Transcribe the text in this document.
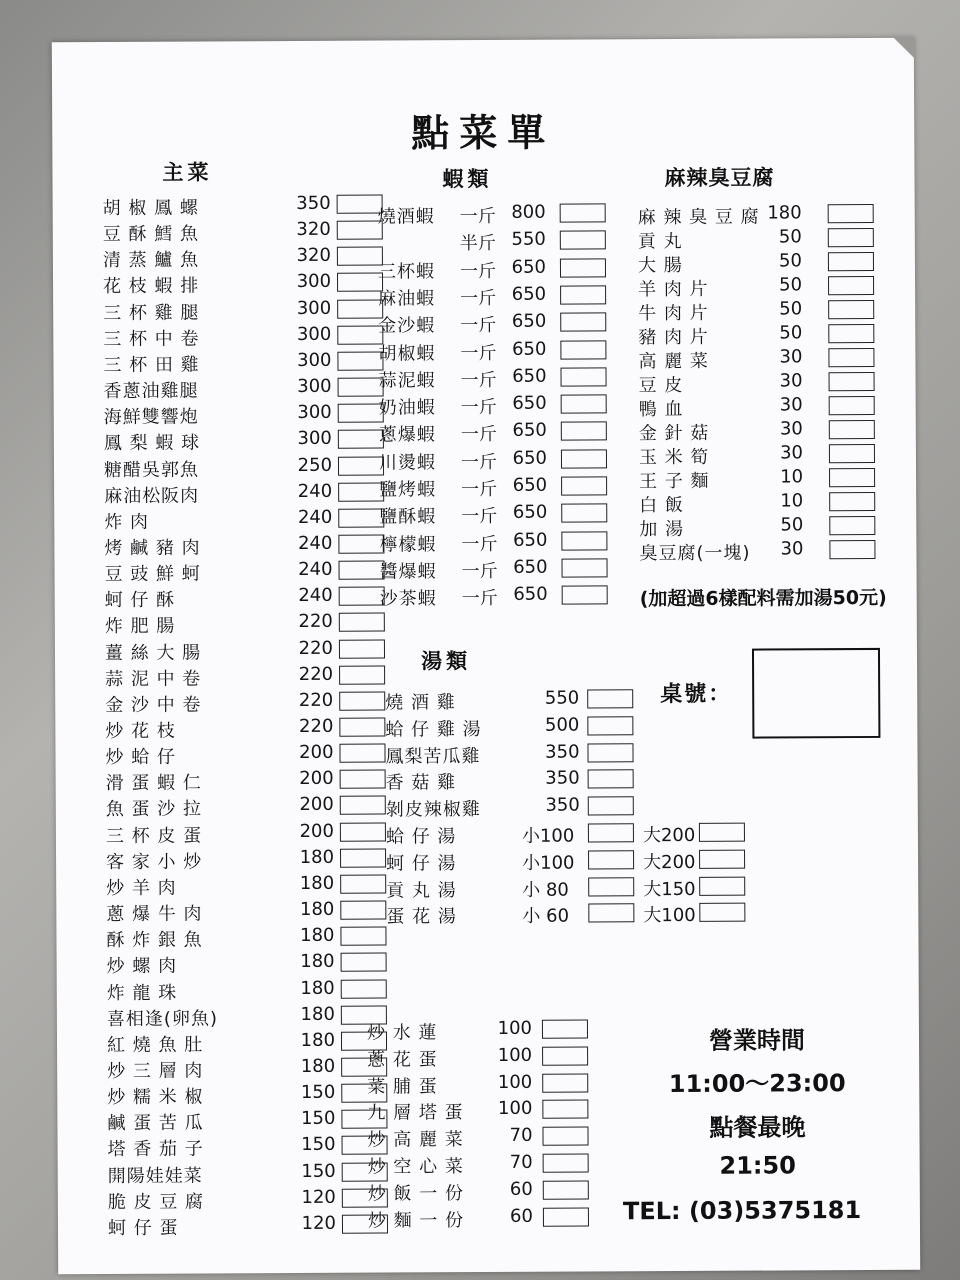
點菜單
主菜
胡 椒 鳳 螺	350
豆 酥 鱈 魚	320
清 蒸 鱸 魚	320
花 枝 蝦 排	300
三 杯 雞 腿	300
三 杯 中 卷	300
三 杯 田 雞	300
香蔥油雞腿	300
海鮮雙響炮	300
鳳 梨 蝦 球	300
糖醋吳郭魚	250
麻油松阪肉	240
炸 肉	240
烤 鹹 豬 肉	240
豆 豉 鮮 蚵	240
蚵 仔 酥	240
炸 肥 腸	220
薑 絲 大 腸	220
蒜 泥 中 卷	220
金 沙 中 卷	220
炒 花 枝	220
炒 蛤 仔	200
滑 蛋 蝦 仁	200
魚 蛋 沙 拉	200
三 杯 皮 蛋	200
客 家 小 炒	180
炒 羊 肉	180
蔥 爆 牛 肉	180
酥 炸 銀 魚	180
炒 螺 肉	180
炸 龍 珠	180
喜相逢(卵魚)	180
紅 燒 魚 肚	180
炒 三 層 肉	180
炒 糯 米 椒	150
鹹 蛋 苦 瓜	150
塔 香 茄 子	150
開陽娃娃菜	150
脆 皮 豆 腐	120
蚵 仔 蛋	120
蝦類
燒酒蝦 一斤 800
半斤 550
三杯蝦 一斤 650
麻油蝦 一斤 650
金沙蝦 一斤 650
胡椒蝦 一斤 650
蒜泥蝦 一斤 650
奶油蝦 一斤 650
蔥爆蝦 一斤 650
川燙蝦 一斤 650
鹽烤蝦 一斤 650
鹽酥蝦 一斤 650
檸檬蝦 一斤 650
醬爆蝦 一斤 650
沙茶蝦 一斤 650
麻辣臭豆腐
麻 辣 臭 豆 腐 180
貢 丸	50
大 腸	50
羊 肉 片	50
牛 肉 片	50
豬 肉 片	50
高 麗 菜	30
豆 皮	30
鴨 血	30
金 針 菇	30
玉 米 筍	30
王 子 麵	10
白 飯	10
加 湯	50
臭豆腐(一塊)	30
(加超過6樣配料需加湯50元)
湯類
燒 酒 雞	550
蛤 仔 雞 湯	500
鳳梨苦瓜雞	350
香 菇 雞	350
剝皮辣椒雞	350
蛤 仔 湯	小100	大200
蚵 仔 湯	小100	大200
貢 丸 湯	小 80	大150
蛋 花 湯	小 60	大100
炒 水 蓮	100
蔥 花 蛋	100
菜 脯 蛋	100
九 層 塔 蛋	100
炒 高 麗 菜	70
炒 空 心 菜	70
炒 飯 一 份	60
炒 麵 一 份	60
桌號：
營業時間
11:00～23:00
點餐最晚
21:50
TEL: (03)5375181
